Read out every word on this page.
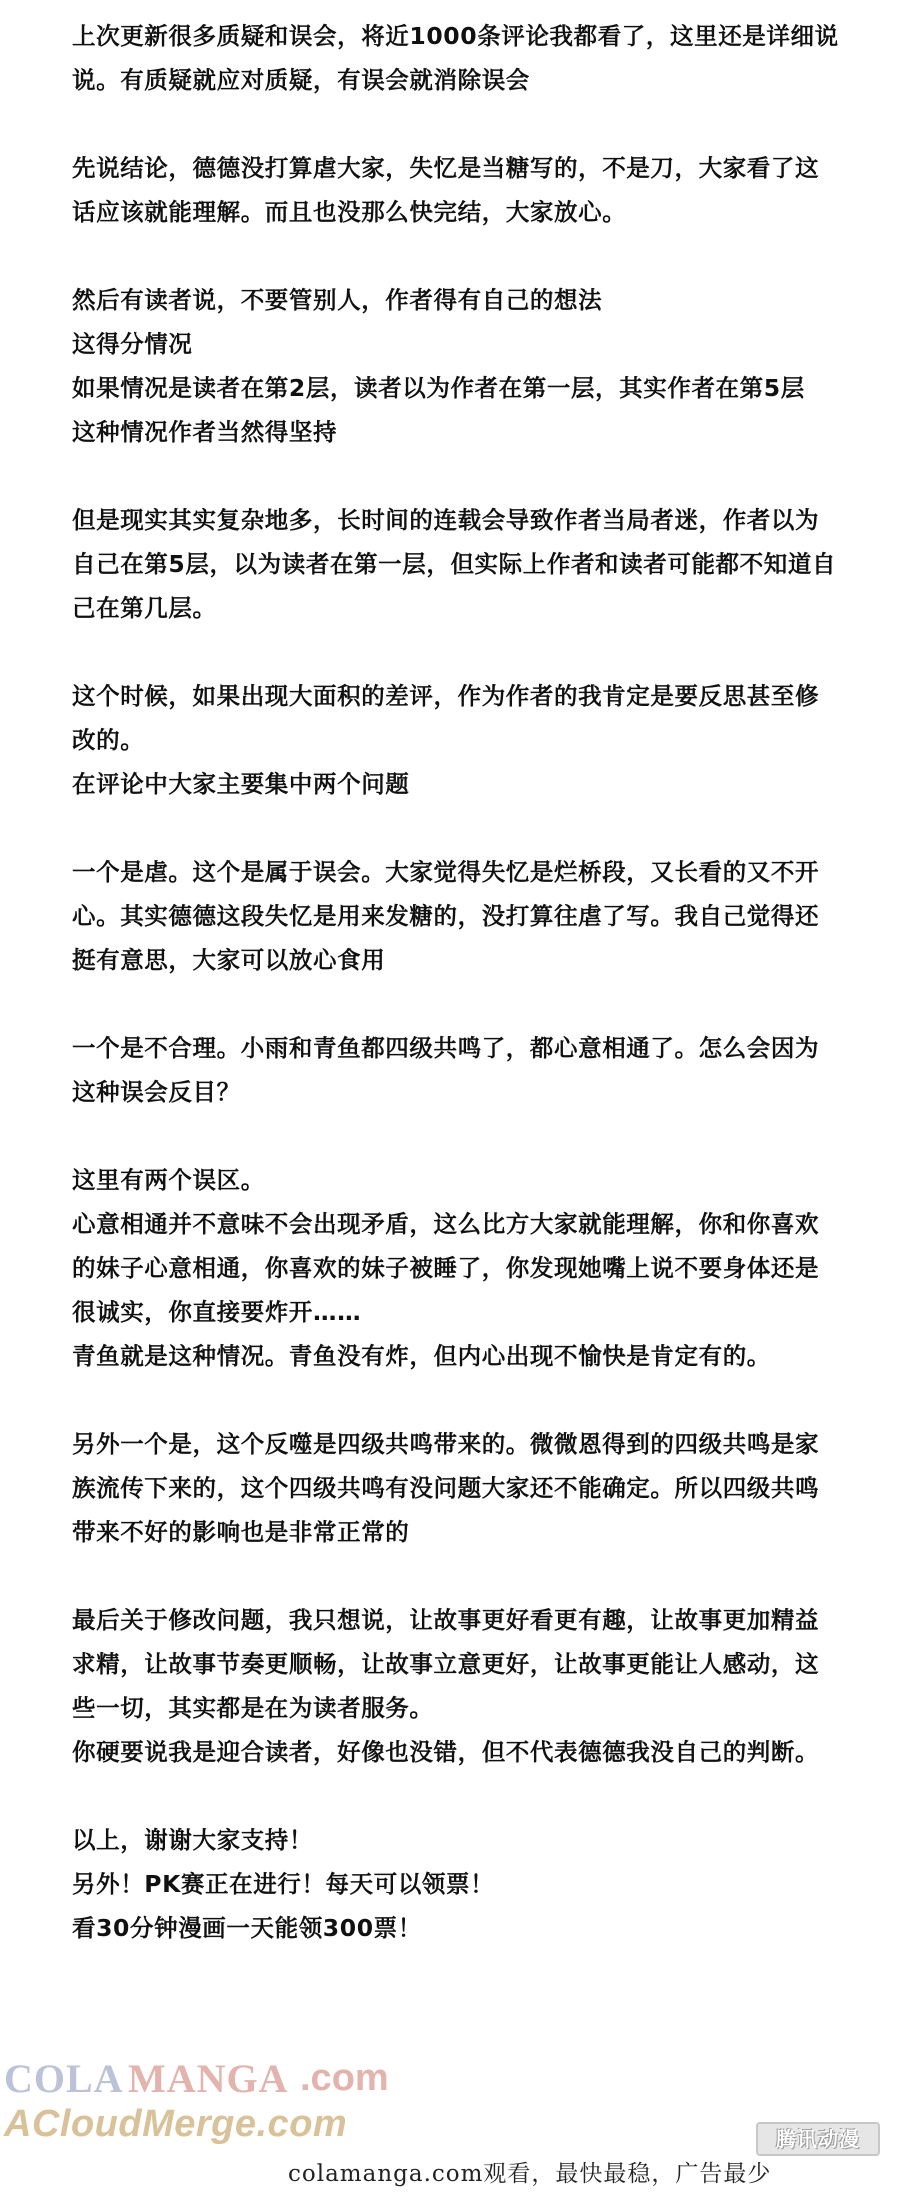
上次更新很多质疑和误会，将近1000条评论我都看了，这里还是详细说
说。有质疑就应对质疑，有误会就消除误会
先说结论，德德没打算虐大家，失忆是当糖写的，不是刀，大家看了这
话应该就能理解。而且也没那么快完结，大家放心。
然后有读者说，不要管别人，作者得有自己的想法
这得分情况
如果情况是读者在第2层，读者以为作者在第一层，其实作者在第5层
这种情况作者当然得坚持
但是现实其实复杂地多，长时间的连载会导致作者当局者迷，作者以为
自己在第5层，以为读者在第一层，但实际上作者和读者可能都不知道自
己在第几层。
这个时候，如果出现大面积的差评，作为作者的我肯定是要反思甚至修
改的。
在评论中大家主要集中两个问题
一个是虐。这个是属于误会。大家觉得失忆是烂桥段，又长看的又不开
心。其实德德这段失忆是用来发糖的，没打算往虐了写。我自己觉得还
挺有意思，大家可以放心食用
一个是不合理。小雨和青鱼都四级共鸣了，都心意相通了。怎么会因为
这种误会反目？
这里有两个误区。
心意相通并不意味不会出现矛盾，这么比方大家就能理解，你和你喜欢
的妹子心意相通，你喜欢的妹子被睡了，你发现她嘴上说不要身体还是
很诚实，你直接要炸开……
青鱼就是这种情况。青鱼没有炸，但内心出现不愉快是肯定有的。
另外一个是，这个反噬是四级共鸣带来的。微微恩得到的四级共鸣是家
族流传下来的，这个四级共鸣有没问题大家还不能确定。所以四级共鸣
带来不好的影响也是非常正常的
最后关于修改问题，我只想说，让故事更好看更有趣，让故事更加精益
求精，让故事节奏更顺畅，让故事立意更好，让故事更能让人感动，这
些一切，其实都是在为读者服务。
你硬要说我是迎合读者，好像也没错，但不代表德德我没自己的判断。
以上，谢谢大家支持！
另外！PK赛正在进行！每天可以领票！
看30分钟漫画一天能领300票！
COLA MANGA .com
ACloudMerge.com	腾讯动漫
colamanga.com观看，最快最稳，广告最少
